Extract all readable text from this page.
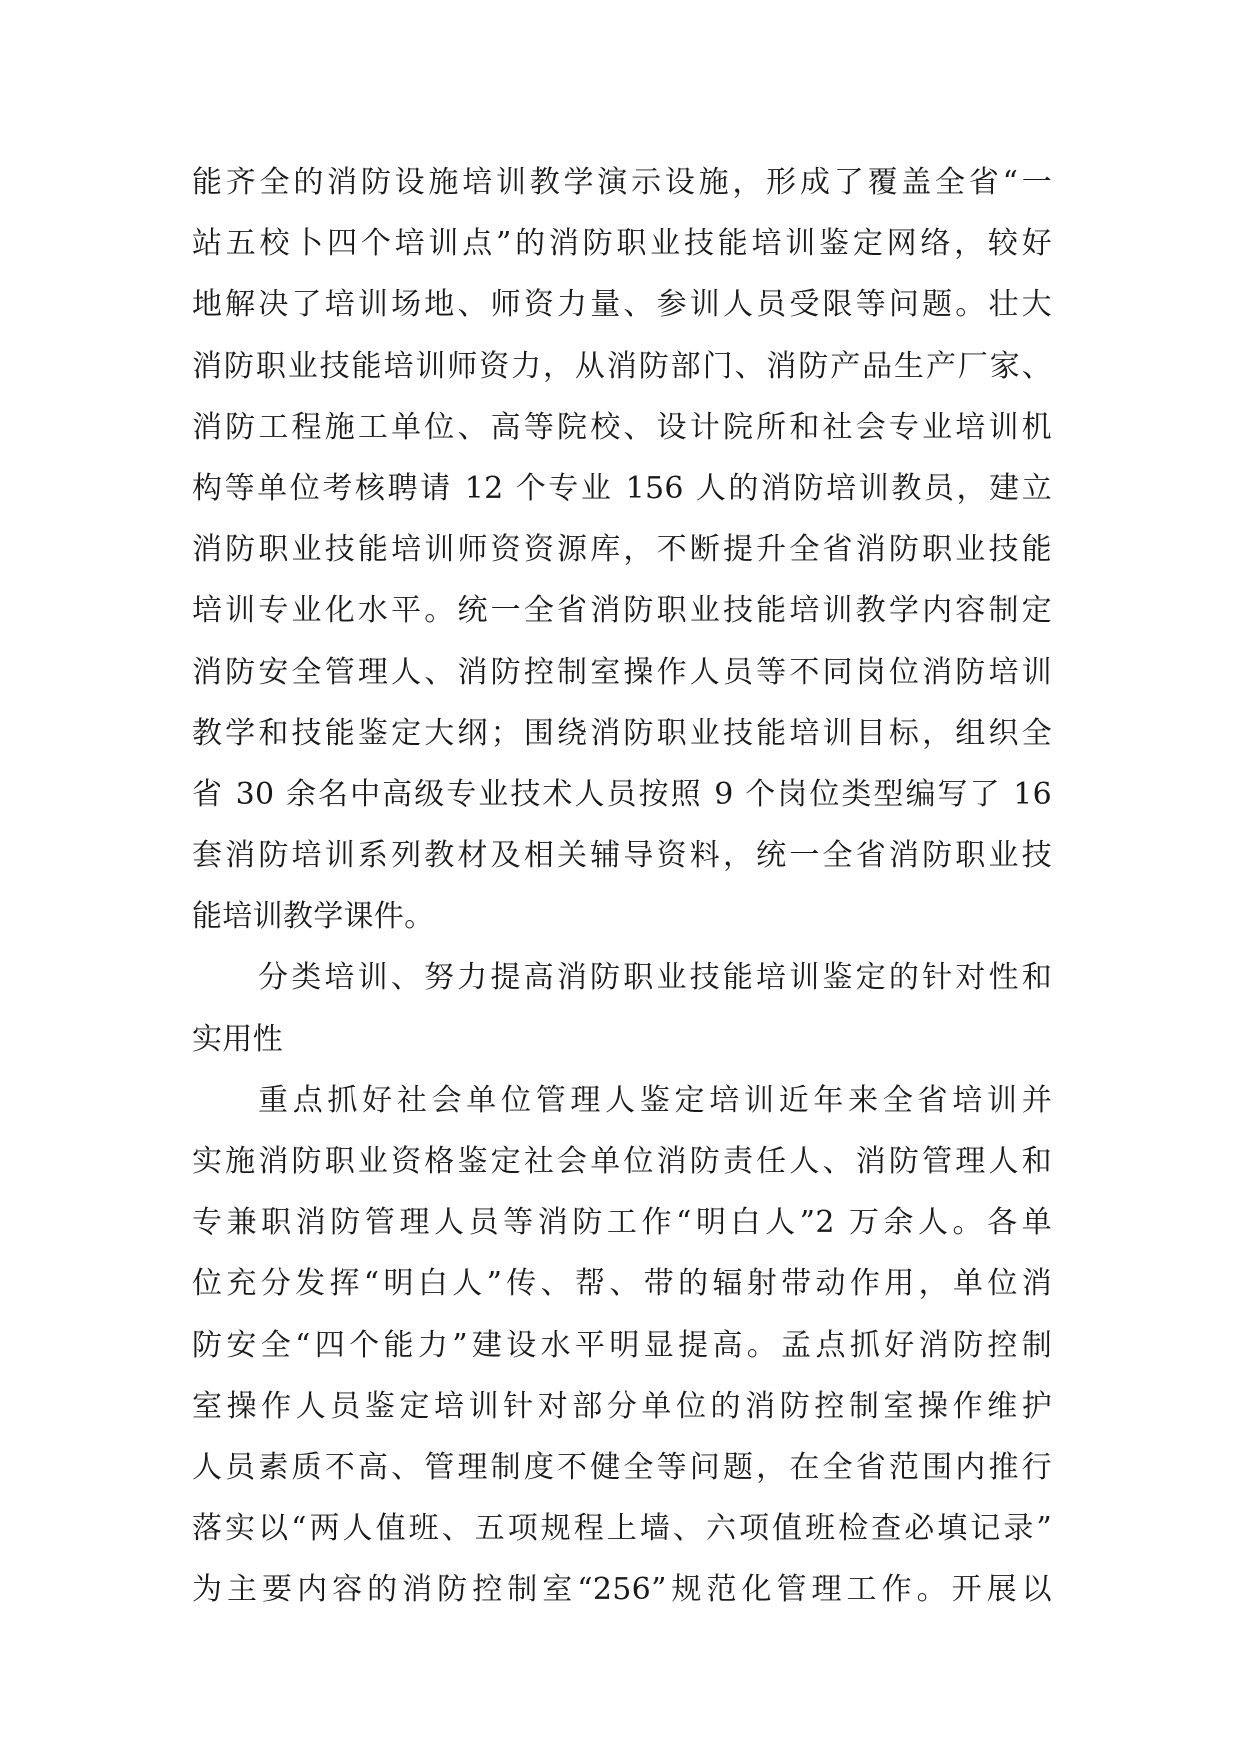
能齐全的消防设施培训教学演示设施，形成了覆盖全省“一
站五校卜四个培训点”的消防职业技能培训鉴定网络，较好
地解决了培训场地、师资力量、参训人员受限等问题。壮大
消防职业技能培训师资力，从消防部门、消防产品生产厂家、
消防工程施工单位、高等院校、设计院所和社会专业培训机
构等单位考核聘请 12 个专业 156 人的消防培训教员，建立
消防职业技能培训师资资源库，不断提升全省消防职业技能
培训专业化水平。统一全省消防职业技能培训教学内容制定
消防安全管理人、消防控制室操作人员等不同岗位消防培训
教学和技能鉴定大纲；围绕消防职业技能培训目标，组织全
省 30 余名中高级专业技术人员按照 9 个岗位类型编写了 16
套消防培训系列教材及相关辅导资料，统一全省消防职业技
能培训教学课件。
分类培训、努力提高消防职业技能培训鉴定的针对性和
实用性
重点抓好社会单位管理人鉴定培训近年来全省培训并
实施消防职业资格鉴定社会单位消防责任人、消防管理人和
专兼职消防管理人员等消防工作“明白人”2 万余人。各单
位充分发挥“明白人”传、帮、带的辐射带动作用，单位消
防安全“四个能力”建设水平明显提高。孟点抓好消防控制
室操作人员鉴定培训针对部分单位的消防控制室操作维护
人员素质不高、管理制度不健全等问题，在全省范围内推行
落实以“两人值班、五项规程上墙、六项值班检查必填记录”
为主要内容的消防控制室“256”规范化管理工作。开展以
